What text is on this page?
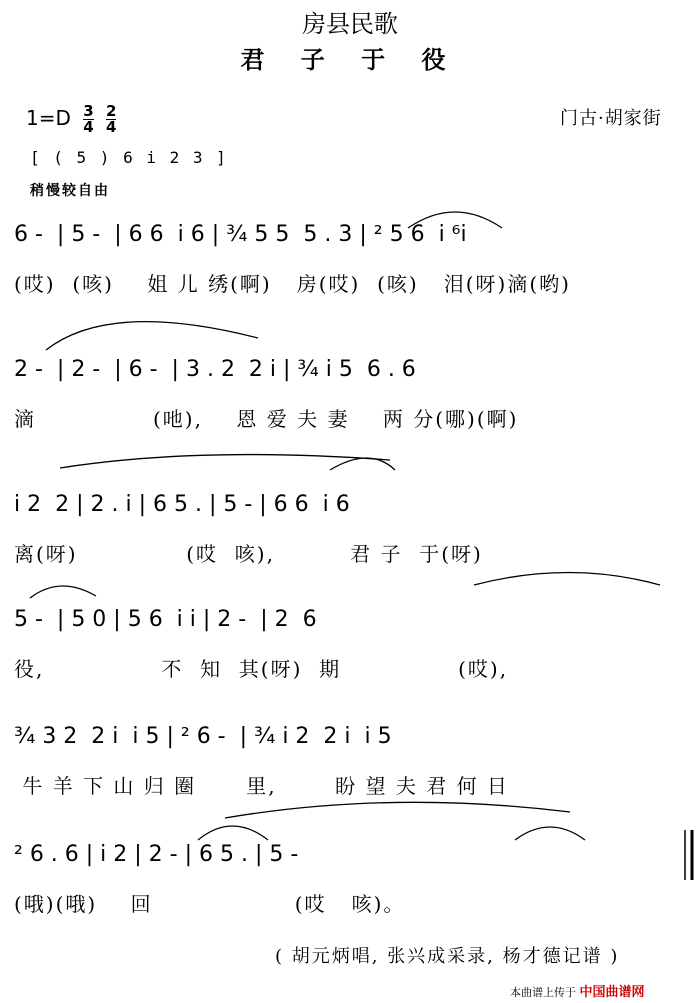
房县民歌
君 子 于 役
$1=D \frac{3}{4} \frac{2}{4}$	门古·胡家街
[ ( 5 ) 6 i 2 3 ]
稍慢较自由
6 -  | 5 -  | 6 6  i 6 | ¾ 5 5  5 . 3 | ² 5 6  i ⁶i
(哎)  (咳)    姐 儿 绣(啊)   房(哎)  (咳)   泪(呀)滴(哟)
2 -  | 2 -  | 6 -  | 3 . 2  2 i | ¾ i 5  6 . 6
滴              (吔),    恩 爱 夫 妻    两 分(哪)(啊)
i 2  2 | 2 . i | 6 5 . | 5 - | 6 6  i 6
离(呀)             (哎  咳),         君 子  于(呀)
5 -  | 5 0 | 5 6  i i | 2 -  | 2  6
役,              不  知  其(呀)  期              (哎),
¾ 3 2  2 i  i 5 | ² 6 -  | ¾ i 2  2 i  i 5
牛 羊 下 山 归 圈      里,       盼 望 夫 君 何 日
² 6 . 6 | i 2 | 2 - | 6 5 . | 5 -
(哦)(哦)    回                 (哎   咳)。
( 胡元炳唱, 张兴成采录, 杨才德记谱 )
本曲谱上传于 中国曲谱网
